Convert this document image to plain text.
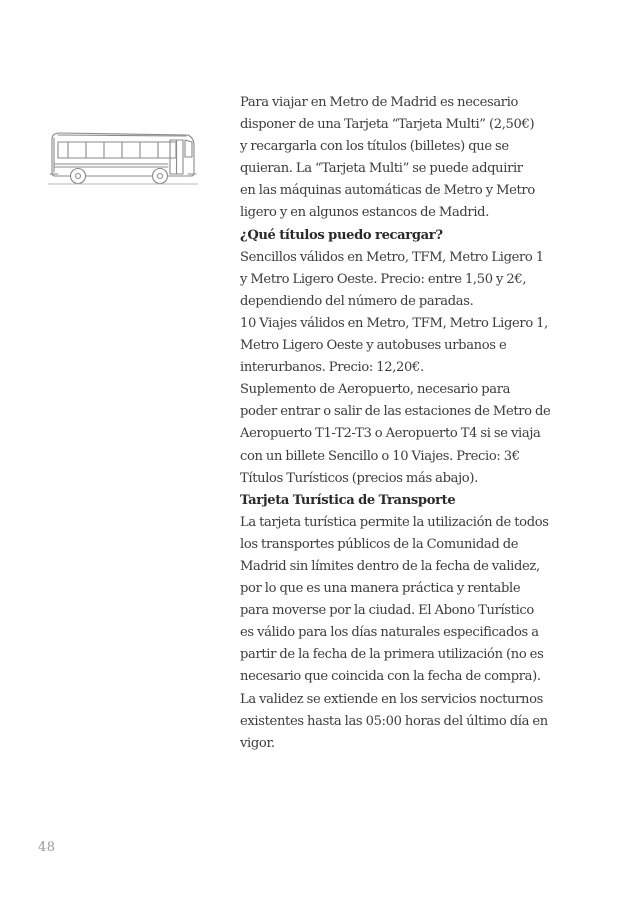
Para viajar en Metro de Madrid es necesario
disponer de una Tarjeta “Tarjeta Multi” (2,50€)
y recargarla con los títulos (billetes) que se
quieran. La “Tarjeta Multi” se puede adquirir
en las máquinas automáticas de Metro y Metro
ligero y en algunos estancos de Madrid.

¿Qué títulos puedo recargar?
Sencillos válidos en Metro, TFM, Metro Ligero 1
y Metro Ligero Oeste. Precio: entre 1,50 y 2€,
dependiendo del número de paradas.

10 Viajes válidos en Metro, TFM, Metro Ligero 1,
Metro Ligero Oeste y autobuses urbanos e
interurbanos. Precio: 12,20€.

Suplemento de Aeropuerto, necesario para
poder entrar o salir de las estaciones de Metro de
Aeropuerto T1-T2-T3 o Aeropuerto T4 si se viaja
con un billete Sencillo o 10 Viajes. Precio: 3€
Títulos Turísticos (precios más abajo).

Tarjeta Turística de Transporte
La tarjeta turística permite la utilización de todos
los transportes públicos de la Comunidad de
Madrid sin límites dentro de la fecha de validez,
por lo que es una manera práctica y rentable
para moverse por la ciudad. El Abono Turístico
es válido para los días naturales especificados a
partir de la fecha de la primera utilización (no es
necesario que coincida con la fecha de compra).
La validez se extiende en los servicios nocturnos
existentes hasta las 05:00 horas del último día en
vigor.

48
